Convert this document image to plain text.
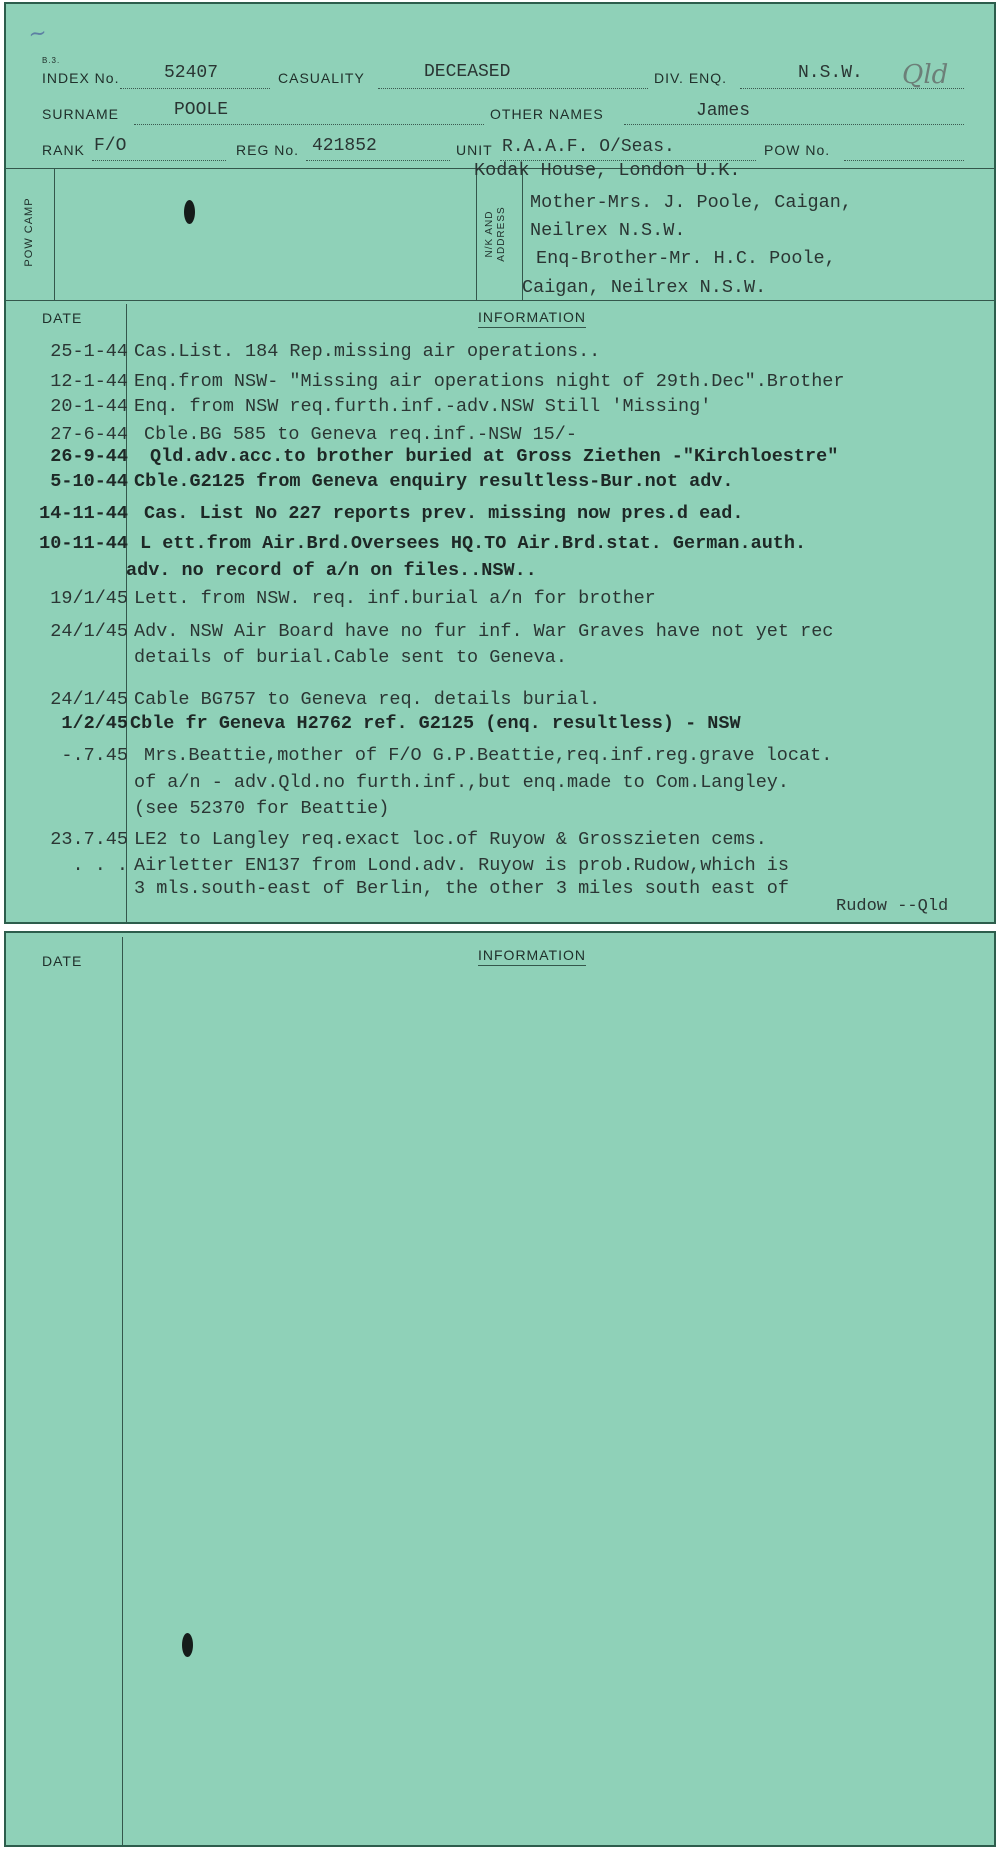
~
B.3.
INDEX No. 52407	CASUALITY	DECEASED	DIV. ENQ.	N.S.W. Qld
SURNAME	POOLE	OTHER NAMES	James
RANK F/O	REG No. 421852	UNIT R.A.A.F. O/Seas.	POW No.
POW CAMP	N/K AND
ADDRESS
Kodak House, London U.K.
Mother-Mrs. J. Poole, Caigan,
Neilrex N.S.W.
Enq-Brother-Mr. H.C. Poole,
Caigan, Neilrex N.S.W.
DATE	INFORMATION
25-1-44 Cas.List. 184 Rep.missing air operations..
12-1-44 Enq.from NSW- "Missing air operations night of 29th.Dec".Brother
20-1-44 Enq. from NSW req.furth.inf.-adv.NSW Still 'Missing'
27-6-44 Cble.BG 585 to Geneva req.inf.-NSW 15/-
26-9-44 Qld.adv.acc.to brother buried at Gross Ziethen -"Kirchloestre"
5-10-44 Cble.G2125 from Geneva enquiry resultless-Bur.not adv.
14-11-44 Cas. List No 227 reports prev. missing now pres.d ead.
10-11-44 L ett.from Air.Brd.Oversees HQ.TO Air.Brd.stat. German.auth.
adv. no record of a/n on files..NSW..
19/1/45 Lett. from NSW. req. inf.burial a/n for brother
24/1/45 Adv. NSW Air Board have no fur inf. War Graves have not yet rec
details of burial.Cable sent to Geneva.
24/1/45 Cable BG757 to Geneva req. details burial.
1/2/45 Cble fr Geneva H2762 ref. G2125 (enq. resultless) - NSW
-.7.45 Mrs.Beattie,mother of F/O G.P.Beattie,req.inf.reg.grave locat.
of a/n - adv.Qld.no furth.inf.,but enq.made to Com.Langley.
(see 52370 for Beattie)
23.7.45 LE2 to Langley req.exact loc.of Ruyow & Grosszieten cems.
. . . Airletter EN137 from Lond.adv. Ruyow is prob.Rudow,which is
3 mls.south-east of Berlin, the other 3 miles south east of
Rudow --Qld
DATE	INFORMATION
